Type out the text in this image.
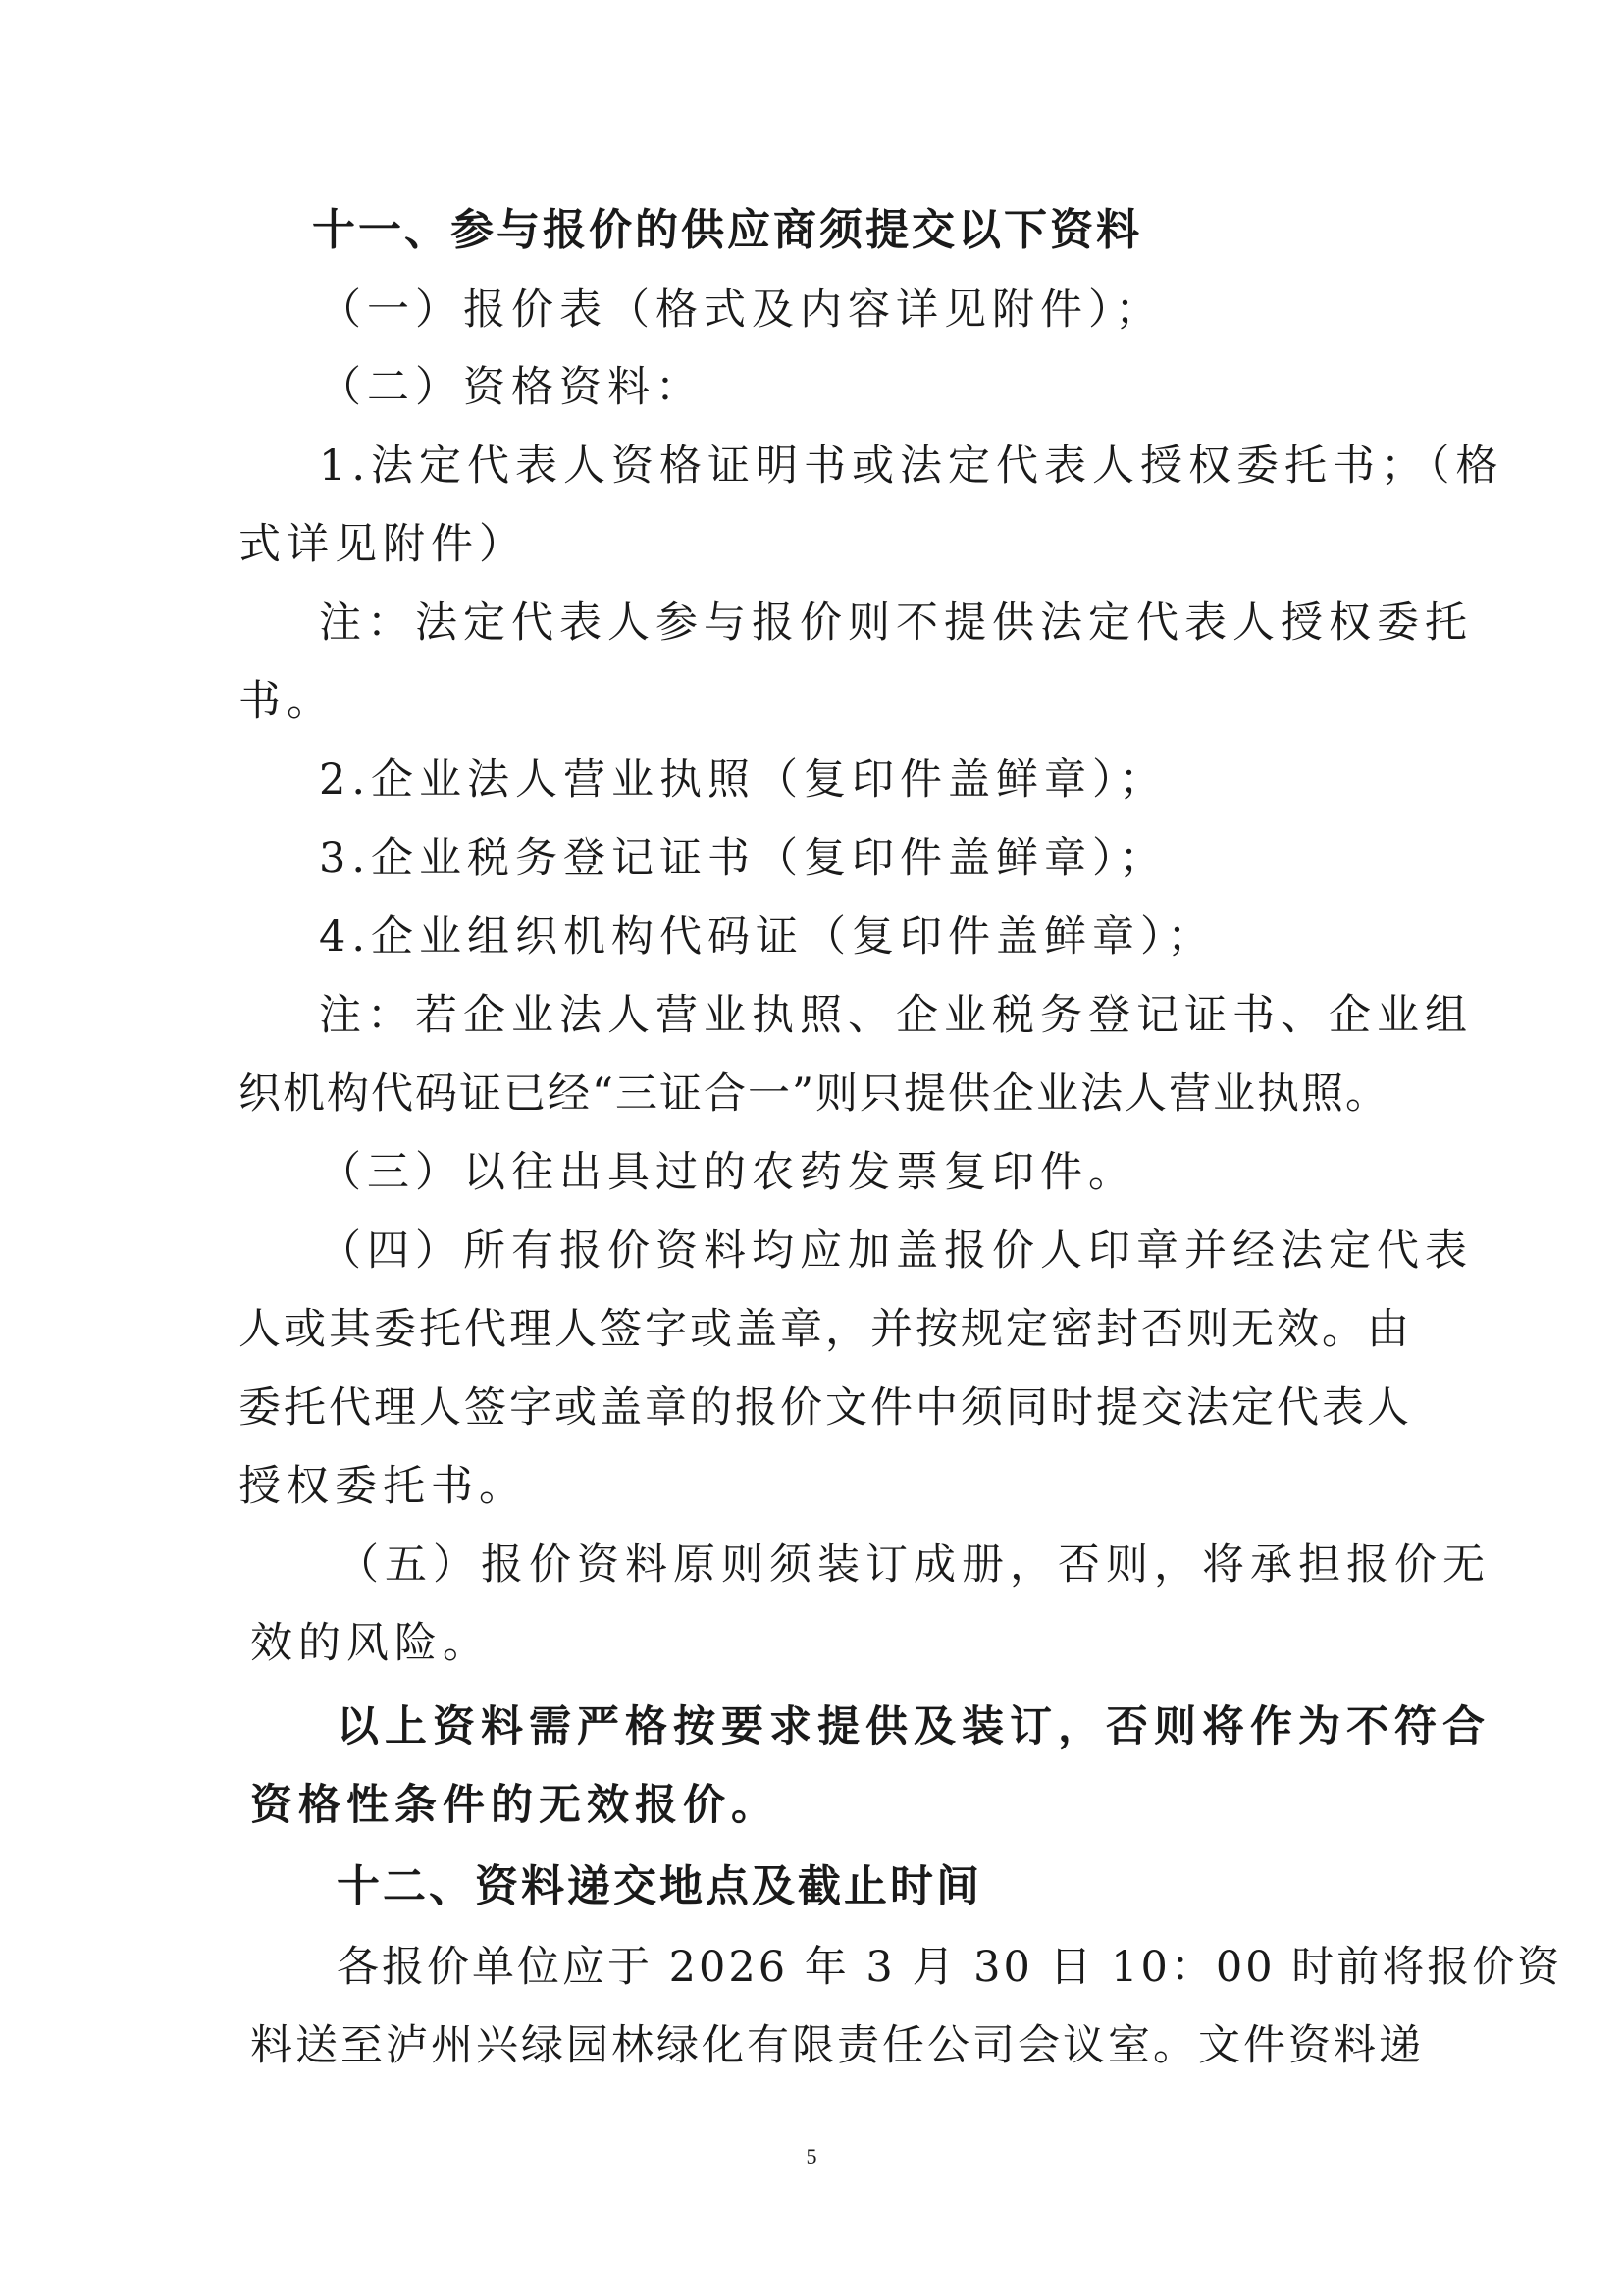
十一、参与报价的供应商须提交以下资料
（一）报价表（格式及内容详见附件）；
（二）资格资料：
1.法定代表人资格证明书或法定代表人授权委托书；（格
式详见附件）
注：法定代表人参与报价则不提供法定代表人授权委托
书。
2.企业法人营业执照（复印件盖鲜章）；
3.企业税务登记证书（复印件盖鲜章）；
4.企业组织机构代码证（复印件盖鲜章）；
注：若企业法人营业执照、企业税务登记证书、企业组
织机构代码证已经“三证合一”则只提供企业法人营业执照。
（三）以往出具过的农药发票复印件。
（四）所有报价资料均应加盖报价人印章并经法定代表
人或其委托代理人签字或盖章，并按规定密封否则无效。由
委托代理人签字或盖章的报价文件中须同时提交法定代表人
授权委托书。
（五）报价资料原则须装订成册，否则，将承担报价无
效的风险。
以上资料需严格按要求提供及装订，否则将作为不符合
资格性条件的无效报价。
十二、资料递交地点及截止时间
各报价单位应于 2026 年 3 月 30 日 10：00 时前将报价资
料送至泸州兴绿园林绿化有限责任公司会议室。文件资料递
5
